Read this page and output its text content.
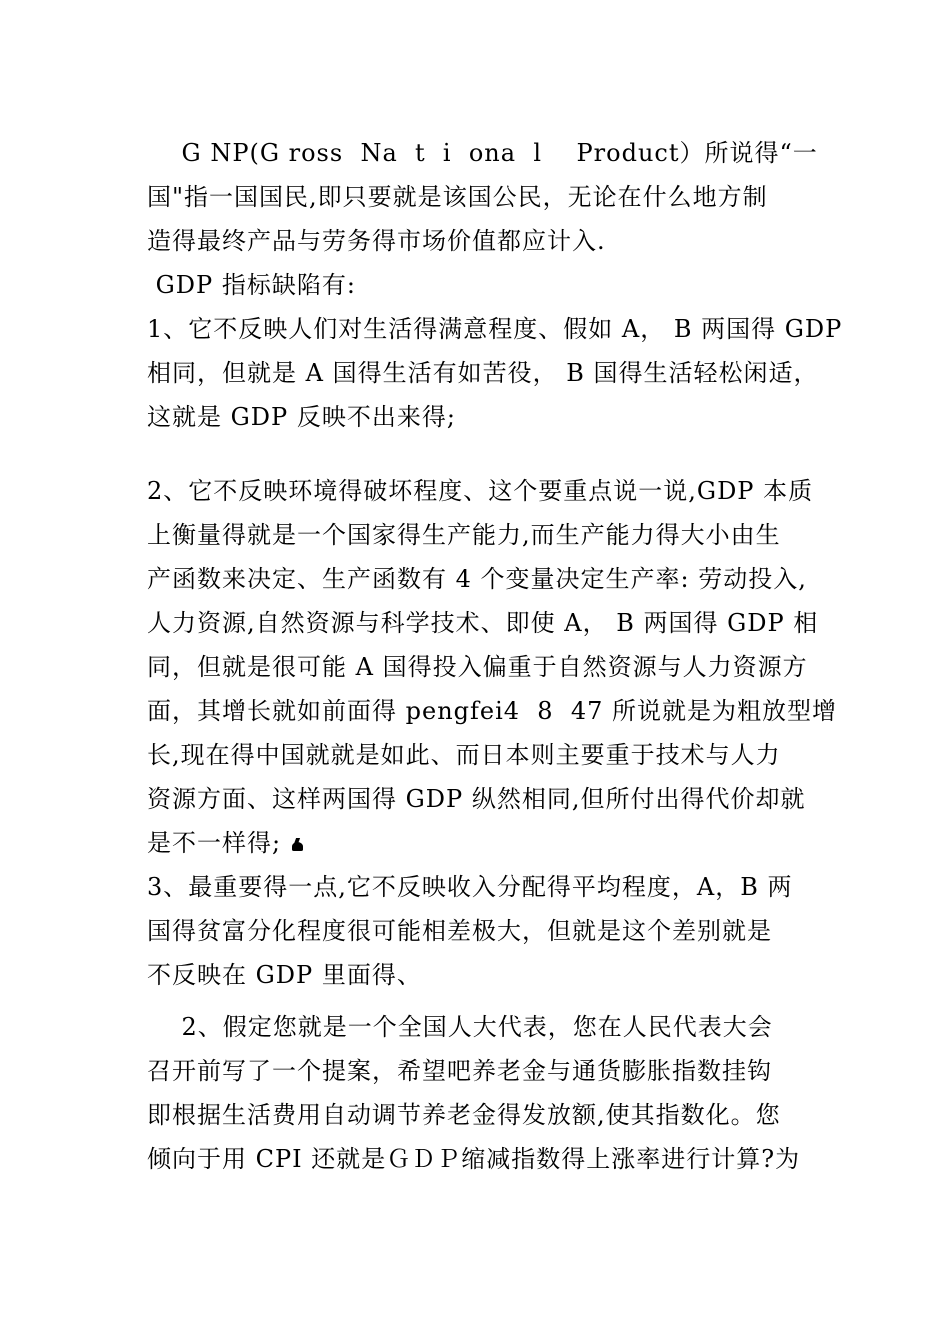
G NP(G ross  Na  t  i  ona  l    Product）所说得“一
国"指一国国民,即只要就是该国公民，无论在什么地方制
造得最终产品与劳务得市场价值都应计入.
GDP 指标缺陷有:
1、它不反映人们对生活得满意程度、假如 A， B 两国得 GDP
相同，但就是 A 国得生活有如苦役， B 国得生活轻松闲适，
这就是 GDP 反映不出来得;
2、它不反映环境得破坏程度、这个要重点说一说,GDP 本质
上衡量得就是一个国家得生产能力,而生产能力得大小由生
产函数来决定、生产函数有 4 个变量决定生产率: 劳动投入,
人力资源,自然资源与科学技术、即使 A， B 两国得 GDP 相
同，但就是很可能 A 国得投入偏重于自然资源与人力资源方
面，其增长就如前面得 pengfei4  8  47 所说就是为粗放型增
长,现在得中国就就是如此、而日本则主要重于技术与人力
资源方面、这样两国得 GDP 纵然相同,但所付出得代价却就
是不一样得;
3、最重要得一点,它不反映收入分配得平均程度，A，B 两
国得贫富分化程度很可能相差极大，但就是这个差别就是
不反映在 GDP 里面得、
2、假定您就是一个全国人大代表，您在人民代表大会
召开前写了一个提案，希望吧养老金与通货膨胀指数挂钩
即根据生活费用自动调节养老金得发放额,使其指数化。您
倾向于用 CPI 还就是ＧＤＰ缩减指数得上涨率进行计算?为
